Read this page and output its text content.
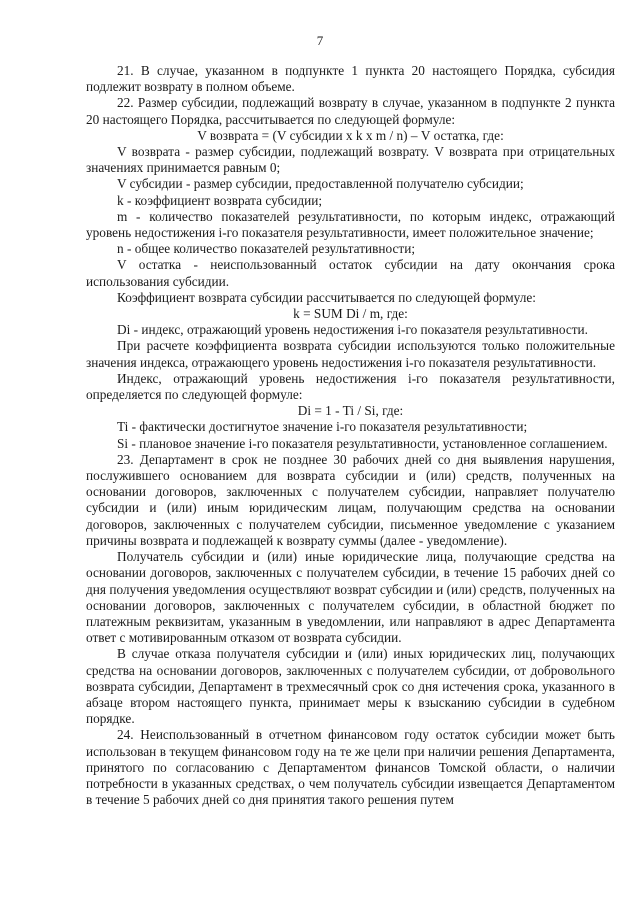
7

21. В случае, указанном в подпункте 1 пункта 20 настоящего Порядка, субсидия подлежит возврату в полном объеме.

22. Размер субсидии, подлежащий возврату в случае, указанном в подпункте 2 пункта 20 настоящего Порядка, рассчитывается по следующей формуле:

V возврата = (V субсидии x k x m / n) – V остатка, где:

V возврата - размер субсидии, подлежащий возврату. V возврата при отрицательных значениях принимается равным 0;

V субсидии - размер субсидии, предоставленной получателю субсидии;

k - коэффициент возврата субсидии;

m - количество показателей результативности, по которым индекс, отражающий уровень недостижения i-го показателя результативности, имеет положительное значение;

n - общее количество показателей результативности;

V остатка - неиспользованный остаток субсидии на дату окончания срока использования субсидии.

Коэффициент возврата субсидии рассчитывается по следующей формуле:

k = SUM Di / m, где:

Di - индекс, отражающий уровень недостижения i-го показателя результативности.

При расчете коэффициента возврата субсидии используются только положительные значения индекса, отражающего уровень недостижения i-го показателя результативности.

Индекс, отражающий уровень недостижения i-го показателя результативности, определяется по следующей формуле:

Di = 1 - Ti / Si, где:

Ti - фактически достигнутое значение i-го показателя результативности;

Si - плановое значение i-го показателя результативности, установленное соглашением.

23. Департамент в срок не позднее 30 рабочих дней со дня выявления нарушения, послужившего основанием для возврата субсидии и (или) средств, полученных на основании договоров, заключенных с получателем субсидии, направляет получателю субсидии и (или) иным юридическим лицам, получающим средства на основании договоров, заключенных с получателем субсидии, письменное уведомление с указанием причины возврата и подлежащей к возврату суммы (далее - уведомление).

Получатель субсидии и (или) иные юридические лица, получающие средства на основании договоров, заключенных с получателем субсидии, в течение 15 рабочих дней со дня получения уведомления осуществляют возврат субсидии и (или) средств, полученных на основании договоров, заключенных с получателем субсидии, в областной бюджет по платежным реквизитам, указанным в уведомлении, или направляют в адрес Департамента ответ с мотивированным отказом от возврата субсидии.

В случае отказа получателя субсидии и (или) иных юридических лиц, получающих средства на основании договоров, заключенных с получателем субсидии, от добровольного возврата субсидии, Департамент в трехмесячный срок со дня истечения срока, указанного в абзаце втором настоящего пункта, принимает меры к взысканию субсидии в судебном порядке.

24. Неиспользованный в отчетном финансовом году остаток субсидии может быть использован в текущем финансовом году на те же цели при наличии решения Департамента, принятого по согласованию с Департаментом финансов Томской области, о наличии потребности в указанных средствах, о чем получатель субсидии извещается Департаментом в течение 5 рабочих дней со дня принятия такого решения путем
